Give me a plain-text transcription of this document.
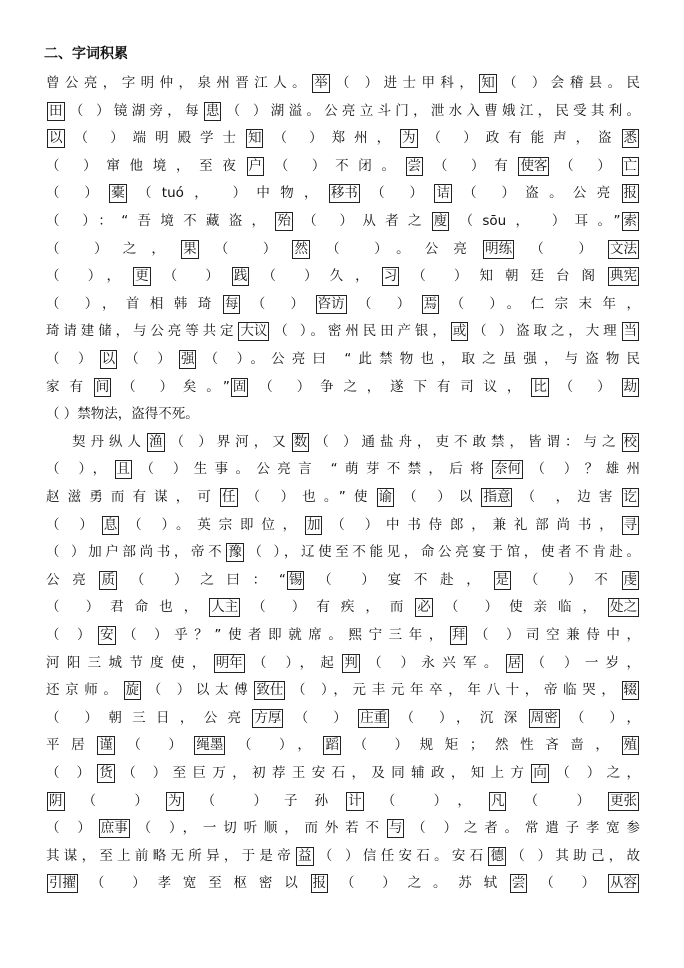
二、字词积累
曾公亮，字明仲，泉州晋江人。 举 （ ）进士甲科， 知 （ ）会稽县。民
田 （ ）镜湖旁，每 患 （ ）湖溢。公亮立斗门，泄水入曹娥江，民受其利。
以 （ ）端明殿学士 知 （ ）郑州， 为 （ ）政有能声，盗 悉
（ ）窜他境，至夜 户 （ ）不闭。 尝 （ ）有 使客 （ ） 亡
（ ） 橐 （tuó， ）中物， 移书 （ ） 诘 （ ）盗。公亮 报
（ ）：“吾境不藏盗， 殆 （ ）从者之 廋 （sōu， ）耳。” 索
（ ）之， 果 （ ） 然 （ ）。公亮 明练 （ ） 文法
（ ）， 更 （ ） 践 （ ）久， 习 （ ）知朝廷台阁 典宪
（ ），首相韩琦 每 （ ） 咨访 （ ） 焉 （ ）。仁宗末年，
琦请建储，与公亮等共定 大议 （ ）。密州民田产银， 或 （ ）盗取之，大理 当
（ ） 以 （ ） 强 （ ）。公亮曰 “此禁物也，取之虽强，与盗物民
家有 间 （ ）矣。” 固 （ ）争之，遂下有司议， 比 （ ） 劫
（ ）禁物法，盗得不死。
契丹纵人 渔 （ ）界河，又 数 （ ）通盐舟，吏不敢禁，皆谓：与之 校
（ ）， 且 （ ）生事。公亮言 “萌芽不禁，后将 奈何 （ ）？雄州
赵滋勇而有谋，可 任 （ ）也。”使 谕 （ ）以 指意 （ ，边害 讫
（ ） 息 （ ）。英宗即位， 加 （ ）中书侍郎，兼礼部尚书， 寻
（ ）加户部尚书，帝不 豫 （ ），辽使至不能见，命公亮宴于馆，使者不肯赴。
公亮 质 （ ）之曰：“ 锡 （ ）宴不赴， 是 （ ）不 虔
（ ）君命也， 人主 （ ）有疾，而 必 （ ）使亲临， 处之
（ ） 安 （ ）乎？”使者即就席。熙宁三年， 拜 （ ）司空兼侍中，
河阳三城节度使， 明年 （ ），起 判 （ ）永兴军。 居 （ ）一岁，
还京师。 旋 （ ）以太傅 致仕 （ ），元丰元年卒，年八十，帝临哭， 辍
（ ）朝三日，公亮 方厚 （ ） 庄重 （ ），沉深 周密 （ ），
平居 谨 （ ） 绳墨 （ ）， 蹈 （ ）规矩；然性吝啬， 殖
（ ） 货 （ ）至巨万，初荐王安石，及同辅政，知上方 向 （ ）之，
阴 （ ） 为 （ ）子孙 计 （ ）， 凡 （ ） 更张
（ ） 庶事 （ ），一切听顺，而外若不 与 （ ）之者。常遣子孝宽参
其谋，至上前略无所异，于是帝 益 （ ）信任安石。安石 德 （ ）其助己，故
引擢 （ ）孝宽至枢密以 报 （ ）之。苏轼 尝 （ ） 从容
